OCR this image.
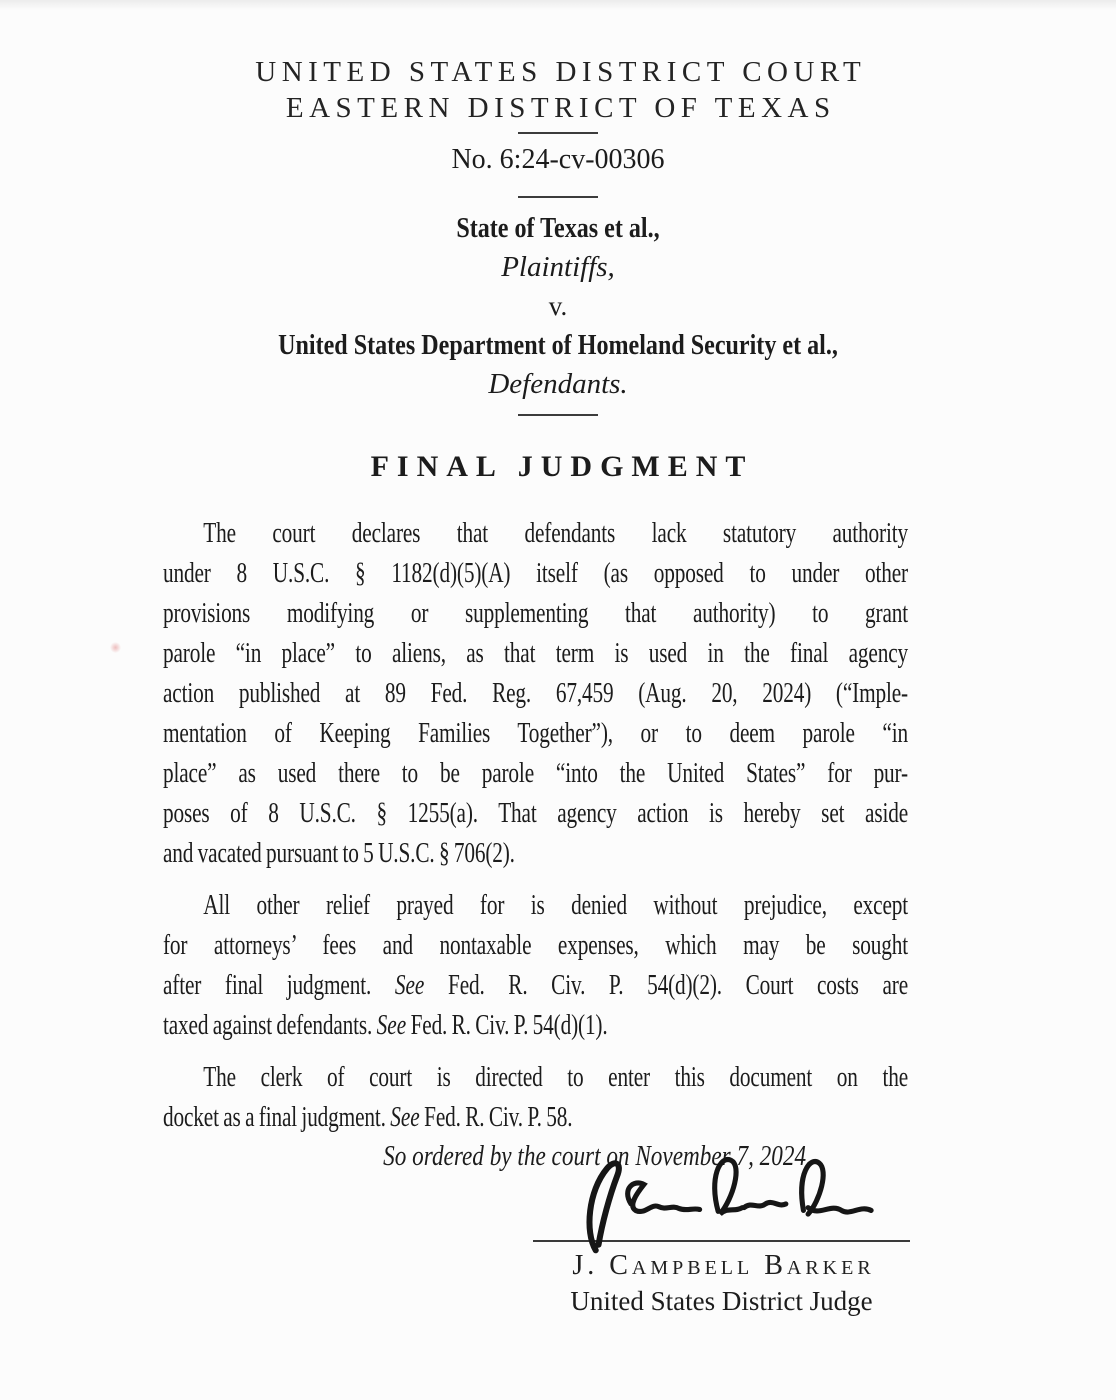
UNITED STATES DISTRICT COURT
EASTERN DISTRICT OF TEXAS
No. 6:24-cv-00306
State of Texas et al.,
Plaintiffs,
v.
United States Department of Homeland Security et al.,
Defendants.
FINAL JUDGMENT
The court declares that defendants lack statutory authority
under 8 U.S.C. § 1182(d)(5)(A) itself (as opposed to under other
provisions modifying or supplementing that authority) to grant
parole “in place” to aliens, as that term is used in the final agency
action published at 89 Fed. Reg. 67,459 (Aug. 20, 2024) (“Imple-
mentation of Keeping Families Together”), or to deem parole “in
place” as used there to be parole “into the United States” for pur-
poses of 8 U.S.C. § 1255(a). That agency action is hereby set aside
and vacated pursuant to 5 U.S.C. § 706(2).
All other relief prayed for is denied without prejudice, except
for attorneys’ fees and nontaxable expenses, which may be sought
after final judgment. See Fed. R. Civ. P. 54(d)(2). Court costs are
taxed against defendants. See Fed. R. Civ. P. 54(d)(1).
The clerk of court is directed to enter this document on the
docket as a final judgment. See Fed. R. Civ. P. 58.
So ordered by the court on November 7, 2024.
J. Campbell Barker
United States District Judge
